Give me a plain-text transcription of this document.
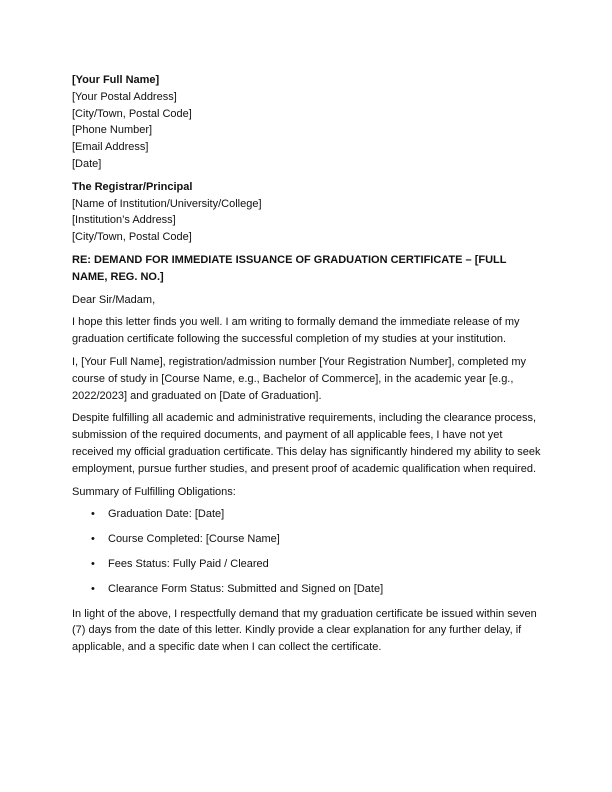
[Your Full Name]
[Your Postal Address]
[City/Town, Postal Code]
[Phone Number]
[Email Address]
[Date]
The Registrar/Principal
[Name of Institution/University/College]
[Institution’s Address]
[City/Town, Postal Code]

RE: DEMAND FOR IMMEDIATE ISSUANCE OF GRADUATION CERTIFICATE – [FULL NAME, REG. NO.]

Dear Sir/Madam,

I hope this letter finds you well. I am writing to formally demand the immediate release of my graduation certificate following the successful completion of my studies at your institution.

I, [Your Full Name], registration/admission number [Your Registration Number], completed my course of study in [Course Name, e.g., Bachelor of Commerce], in the academic year [e.g., 2022/2023] and graduated on [Date of Graduation].

Despite fulfilling all academic and administrative requirements, including the clearance process, submission of the required documents, and payment of all applicable fees, I have not yet received my official graduation certificate. This delay has significantly hindered my ability to seek employment, pursue further studies, and present proof of academic qualification when required.

Summary of Fulfilling Obligations:

• Graduation Date: [Date]
• Course Completed: [Course Name]
• Fees Status: Fully Paid / Cleared
• Clearance Form Status: Submitted and Signed on [Date]

In light of the above, I respectfully demand that my graduation certificate be issued within seven (7) days from the date of this letter. Kindly provide a clear explanation for any further delay, if applicable, and a specific date when I can collect the certificate.
